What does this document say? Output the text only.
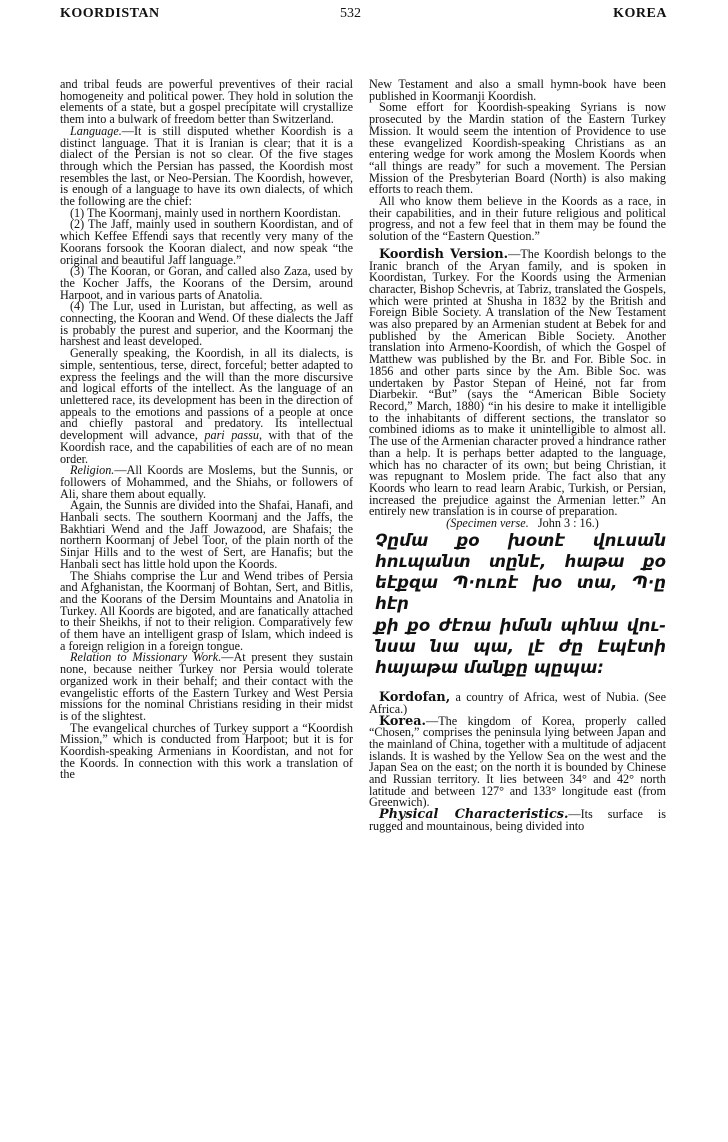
KOORDISTAN	532	KOREA

and tribal feuds are powerful preventives of their racial homogeneity and political power. They hold in solution the elements of a state, but a gospel precipitate will crystallize them into a bulwark of freedom better than Switzerland.

Language.—It is still disputed whether Koordish is a distinct language. That it is Iranian is clear; that it is a dialect of the Persian is not so clear. Of the five stages through which the Persian has passed, the Koordish most resembles the last, or Neo-Persian. The Koordish, however, is enough of a language to have its own dialects, of which the following are the chief:

(1) The Koormanj, mainly used in northern Koordistan.

(2) The Jaff, mainly used in southern Koordistan, and of which Keffee Effendi says that recently very many of the Koorans forsook the Kooran dialect, and now speak “the original and beautiful Jaff language.”

(3) The Kooran, or Goran, and called also Zaza, used by the Kocher Jaffs, the Koorans of the Dersim, around Harpoot, and in various parts of Anatolia.

(4) The Lur, used in Luristan, but affecting, as well as connecting, the Kooran and Wend. Of these dialects the Jaff is probably the purest and superior, and the Koormanj the harshest and least developed.

Generally speaking, the Koordish, in all its dialects, is simple, sententious, terse, direct, forceful; better adapted to express the feelings and the will than the more discursive and logical efforts of the intellect. As the language of an unlettered race, its development has been in the direction of appeals to the emotions and passions of a people at once and chiefly pastoral and predatory. Its intellectual development will advance, pari passu, with that of the Koordish race, and the capabilities of each are of no mean order.

Religion.—All Koords are Moslems, but the Sunnis, or followers of Mohammed, and the Shiahs, or followers of Ali, share them about equally.

Again, the Sunnis are divided into the Shafai, Hanafi, and Hanbali sects. The southern Koormanj and the Jaffs, the Bakhtiari Wend and the Jaff Jowazood, are Shafais; the northern Koormanj of Jebel Toor, of the plain north of the Sinjar Hills and to the west of Sert, are Hanafis; but the Hanbali sect has little hold upon the Koords.

The Shiahs comprise the Lur and Wend tribes of Persia and Afghanistan, the Koormanj of Bohtan, Sert, and Bitlis, and the Koorans of the Dersim Mountains and Anatolia in Turkey. All Koords are bigoted, and are fanatically attached to their Sheikhs, if not to their religion. Comparatively few of them have an intelligent grasp of Islam, which indeed is a foreign religion in a foreign tongue.

Relation to Missionary Work.—At present they sustain none, because neither Turkey nor Persia would tolerate organized work in their behalf; and their contact with the evangelistic efforts of the Eastern Turkey and West Persia missions for the nominal Christians residing in their midst is of the slightest.

The evangelical churches of Turkey support a “Koordish Mission,” which is conducted from Harpoot; but it is for Koordish-speaking Armenians in Koordistan, and not for the Koords. In connection with this work a translation of the

New Testament and also a small hymn-book have been published in Koormanji Koordish.

Some effort for Koordish-speaking Syrians is now prosecuted by the Mardin station of the Eastern Turkey Mission. It would seem the intention of Providence to use these evangelized Koordish-speaking Christians as an entering wedge for work among the Moslem Koords when “all things are ready” for such a movement. The Persian Mission of the Presbyterian Board (North) is also making efforts to reach them.

All who know them believe in the Koords as a race, in their capabilities, and in their future religious and political progress, and not a few feel that in them may be found the solution of the “Eastern Question.”

Koordish Version.—The Koordish belongs to the Iranic branch of the Aryan family, and is spoken in Koordistan, Turkey. For the Koords using the Armenian character, Bishop Schevris, at Tabriz, translated the Gospels, which were printed at Shusha in 1832 by the British and Foreign Bible Society. A translation of the New Testament was also prepared by an Armenian student at Bebek for and published by the American Bible Society. Another translation into Armeno-Koordish, of which the Gospel of Matthew was published by the Br. and For. Bible Soc. in 1856 and other parts since by the Am. Bible Soc. was undertaken by Pastor Stepan of Heiné, not far from Diarbekir. “But” (says the “American Bible Society Record,” March, 1880) “in his desire to make it intelligible to the inhabitants of different sections, the translator so combined idioms as to make it unintelligible to almost all. The use of the Armenian character proved a hindrance rather than a help. It is perhaps better adapted to the language, which has no character of its own; but being Christian, it was repugnant to Moslem pride. The fact also that any Koords who learn to read learn Arabic, Turkish, or Persian, increased the prejudice against the Armenian letter.” An entirely new translation is in course of preparation.

(Specimen verse. John 3 : 16.)

Չըմա քօ խօտէ վուսան
հուպանտ տընէ, հաթա քօ
եէքզա Պ·ուռէ խօ տա, Պ·ը հէր
քի քօ ժէռա իման պհնա վու-
նսա նա պա, լէ ժը Էպէտի
հայաթա մանքը պըպա։

Kordofan, a country of Africa, west of Nubia. (See Africa.)

Korea.—The kingdom of Korea, properly called “Chosen,” comprises the peninsula lying between Japan and the mainland of China, together with a multitude of adjacent islands. It is washed by the Yellow Sea on the west and the Japan Sea on the east; on the north it is bounded by Chinese and Russian territory. It lies between 34° and 42° north latitude and between 127° and 133° longitude east (from Greenwich).

Physical Characteristics.—Its surface is rugged and mountainous, being divided into
